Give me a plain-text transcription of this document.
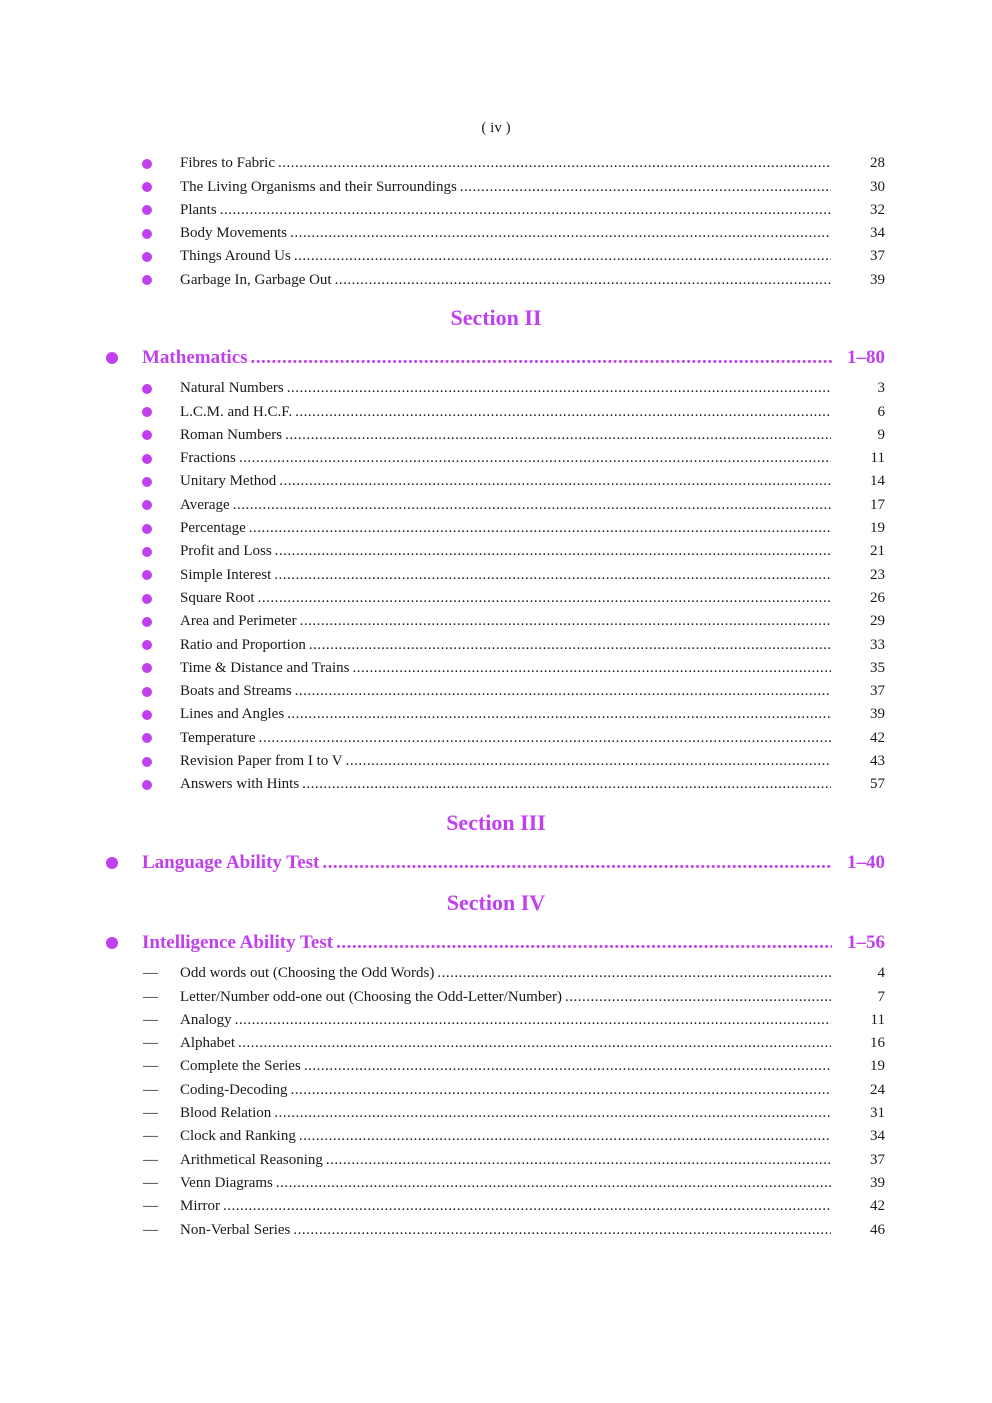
( iv )
Fibres to Fabric .....	28
The Living Organisms and their Surroundings .....	30
Plants .....	32
Body Movements .....	34
Things Around Us .....	37
Garbage In, Garbage Out .....	39
Section II
Mathematics .....	1–80
Natural Numbers .....	3
L.C.M. and H.C.F. .....	6
Roman Numbers .....	9
Fractions .....	11
Unitary Method .....	14
Average .....	17
Percentage .....	19
Profit and Loss .....	21
Simple Interest .....	23
Square Root .....	26
Area and Perimeter .....	29
Ratio and Proportion .....	33
Time & Distance and Trains .....	35
Boats and Streams .....	37
Lines and Angles .....	39
Temperature .....	42
Revision Paper from I to V .....	43
Answers with Hints .....	57
Section III
Language Ability Test .....	1–40
Section IV
Intelligence Ability Test .....	1–56
— Odd words out (Choosing the Odd Words) .....	4
— Letter/Number odd-one out (Choosing the Odd-Letter/Number) .....	7
— Analogy .....	11
— Alphabet .....	16
— Complete the Series .....	19
— Coding-Decoding .....	24
— Blood Relation .....	31
— Clock and Ranking .....	34
— Arithmetical Reasoning .....	37
— Venn Diagrams .....	39
— Mirror .....	42
— Non-Verbal Series .....	46
